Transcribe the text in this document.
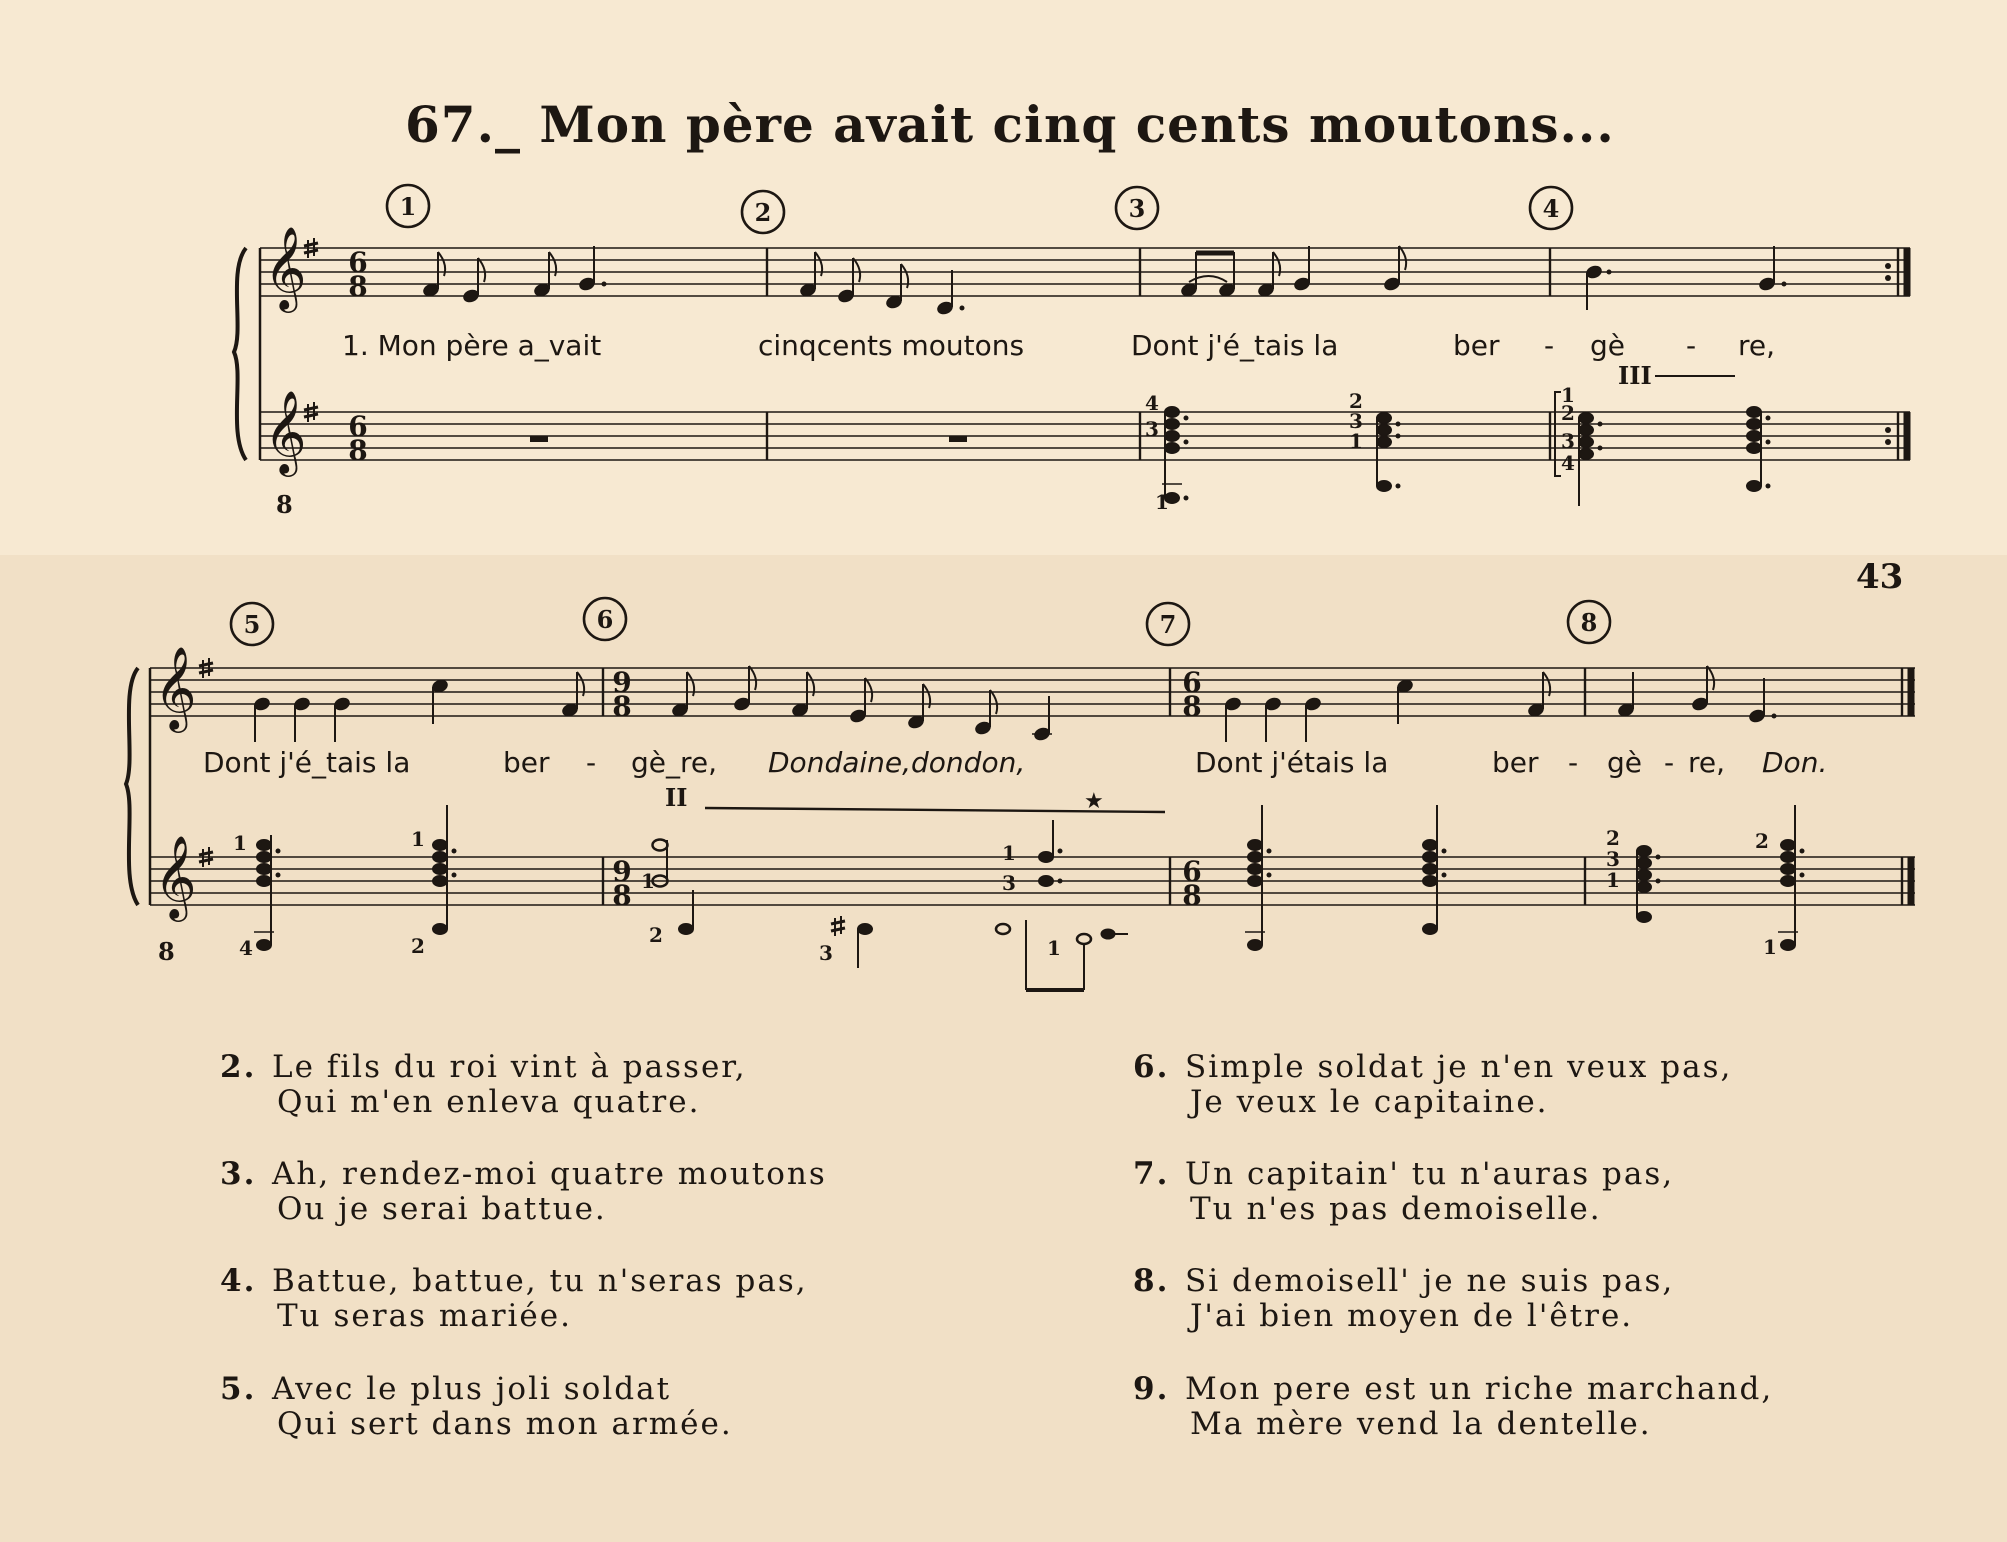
67._ Mon père avait cinq cents moutons...
43
𝄞
𝄞
8
6
8
6
8
1	2	3	4
III
4
3
1
2
3
1
1
2
3
4
1. Mon père a_vait	cinqcents moutons	Dont j'é_tais la	ber - gè - re,
𝄞
𝄞
8
9
8
9
8
6
8
6
8
5	6	7	8
II	★
1
4
1
2
1
2
1
3
3	1
2
3
1
2
1
Dont j'é_tais la	ber - gè_re, Dondaine,dondon,	Dont j'étais la	ber - gè - re, Don.
2. Le fils du roi vint à passer,
Qui m'en enleva quatre.
3. Ah, rendez-moi quatre moutons
Ou je serai battue.
4. Battue, battue, tu n'seras pas,
Tu seras mariée.
5. Avec le plus joli soldat
Qui sert dans mon armée.
6. Simple soldat je n'en veux pas,
Je veux le capitaine.
7. Un capitain' tu n'auras pas,
Tu n'es pas demoiselle.
8. Si demoisell' je ne suis pas,
J'ai bien moyen de l'être.
9. Mon pere est un riche marchand,
Ma mère vend la dentelle.
